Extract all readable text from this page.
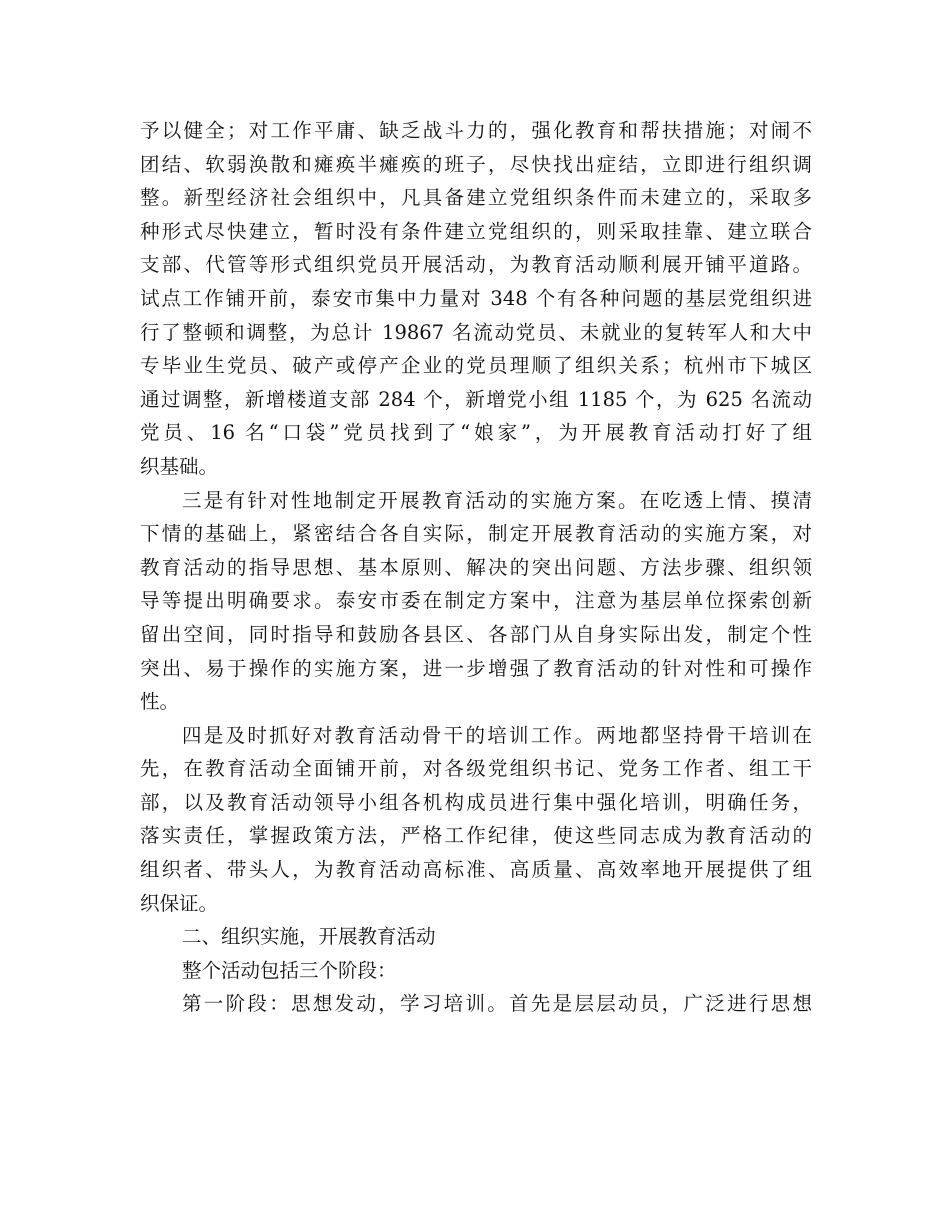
予以健全；对工作平庸、缺乏战斗力的，强化教育和帮扶措施；对闹不
团结、软弱涣散和瘫痪半瘫痪的班子，尽快找出症结，立即进行组织调
整。新型经济社会组织中，凡具备建立党组织条件而未建立的，采取多
种形式尽快建立，暂时没有条件建立党组织的，则采取挂靠、建立联合
支部、代管等形式组织党员开展活动，为教育活动顺利展开铺平道路。
试点工作铺开前，泰安市集中力量对 348 个有各种问题的基层党组织进
行了整顿和调整，为总计 19867 名流动党员、未就业的复转军人和大中
专毕业生党员、破产或停产企业的党员理顺了组织关系；杭州市下城区
通过调整，新增楼道支部 284 个，新增党小组 1185 个，为 625 名流动
党员、16 名“口袋”党员找到了“娘家”，为开展教育活动打好了组
织基础。
三是有针对性地制定开展教育活动的实施方案。在吃透上情、摸清
下情的基础上，紧密结合各自实际，制定开展教育活动的实施方案，对
教育活动的指导思想、基本原则、解决的突出问题、方法步骤、组织领
导等提出明确要求。泰安市委在制定方案中，注意为基层单位探索创新
留出空间，同时指导和鼓励各县区、各部门从自身实际出发，制定个性
突出、易于操作的实施方案，进一步增强了教育活动的针对性和可操作
性。
四是及时抓好对教育活动骨干的培训工作。两地都坚持骨干培训在
先，在教育活动全面铺开前，对各级党组织书记、党务工作者、组工干
部，以及教育活动领导小组各机构成员进行集中强化培训，明确任务，
落实责任，掌握政策方法，严格工作纪律，使这些同志成为教育活动的
组织者、带头人，为教育活动高标准、高质量、高效率地开展提供了组
织保证。
二、组织实施，开展教育活动
整个活动包括三个阶段：
第一阶段：思想发动，学习培训。首先是层层动员，广泛进行思想
